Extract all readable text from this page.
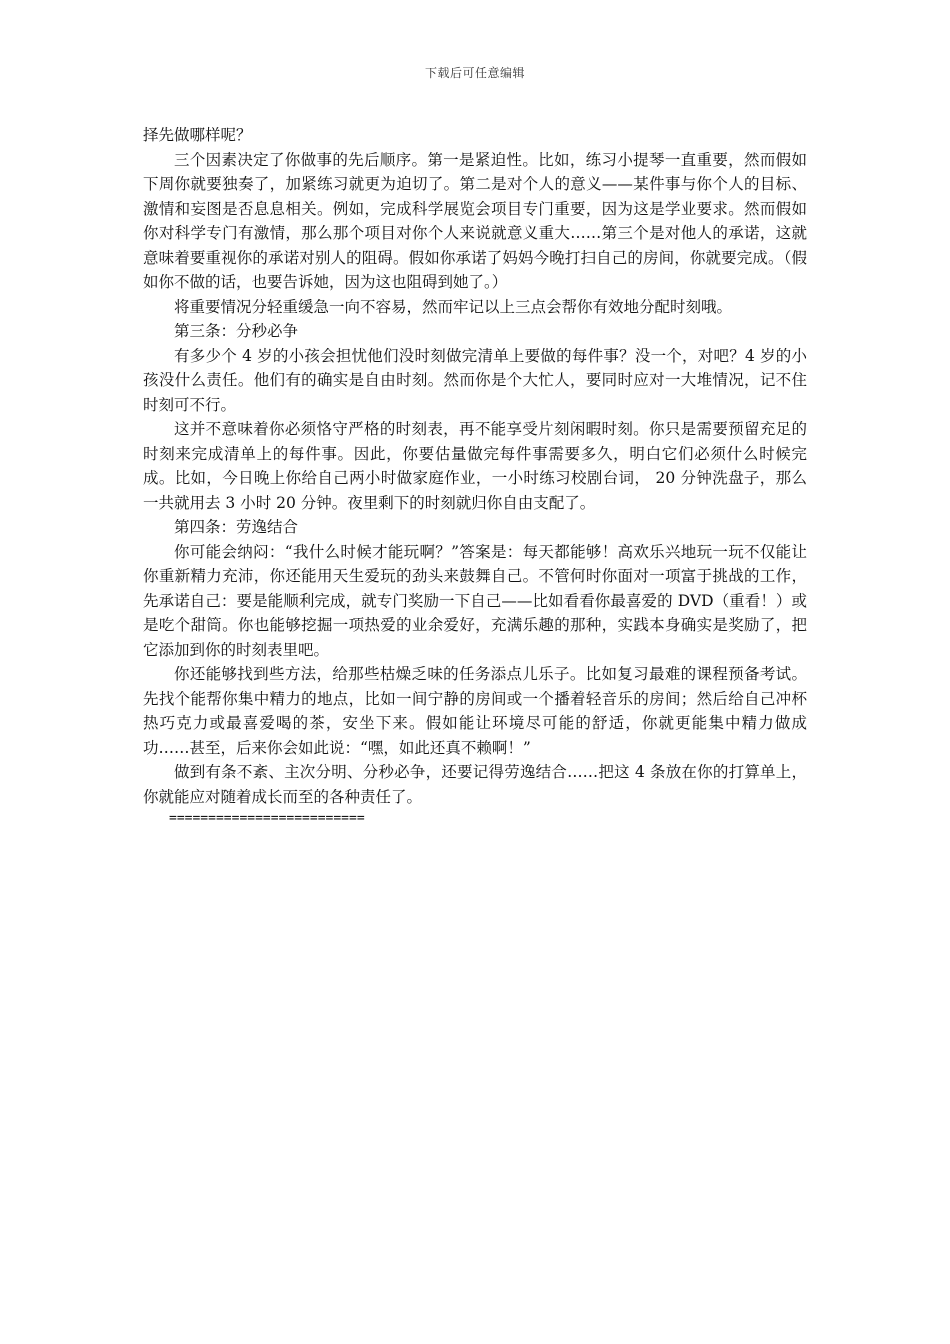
下载后可任意编辑

择先做哪样呢？

三个因素决定了你做事的先后顺序。第一是紧迫性。比如，练习小提琴一直重要，然而假如下周你就要独奏了，加紧练习就更为迫切了。第二是对个人的意义——某件事与你个人的目标、激情和妄图是否息息相关。例如，完成科学展览会项目专门重要，因为这是学业要求。然而假如你对科学专门有激情，那么那个项目对你个人来说就意义重大……第三个是对他人的承诺，这就意味着要重视你的承诺对别人的阻碍。假如你承诺了妈妈今晚打扫自己的房间，你就要完成。（假如你不做的话，也要告诉她，因为这也阻碍到她了。）

将重要情况分轻重缓急一向不容易，然而牢记以上三点会帮你有效地分配时刻哦。

第三条：分秒必争

有多少个 4 岁的小孩会担忧他们没时刻做完清单上要做的每件事？没一个，对吧？4 岁的小孩没什么责任。他们有的确实是自由时刻。然而你是个大忙人，要同时应对一大堆情况，记不住时刻可不行。

这并不意味着你必须恪守严格的时刻表，再不能享受片刻闲暇时刻。你只是需要预留充足的时刻来完成清单上的每件事。因此，你要估量做完每件事需要多久，明白它们必须什么时候完成。比如，今日晚上你给自己两小时做家庭作业，一小时练习校剧台词， 20 分钟洗盘子，那么一共就用去 3 小时 20 分钟。夜里剩下的时刻就归你自由支配了。

第四条：劳逸结合

你可能会纳闷：“我什么时候才能玩啊？”答案是：每天都能够！高欢乐兴地玩一玩不仅能让你重新精力充沛，你还能用天生爱玩的劲头来鼓舞自己。不管何时你面对一项富于挑战的工作，先承诺自己：要是能顺利完成，就专门奖励一下自己——比如看看你最喜爱的 DVD（重看！）或是吃个甜筒。你也能够挖掘一项热爱的业余爱好，充满乐趣的那种，实践本身确实是奖励了，把它添加到你的时刻表里吧。

你还能够找到些方法，给那些枯燥乏味的任务添点儿乐子。比如复习最难的课程预备考试。先找个能帮你集中精力的地点，比如一间宁静的房间或一个播着轻音乐的房间；然后给自己冲杯热巧克力或最喜爱喝的茶，安坐下来。假如能让环境尽可能的舒适，你就更能集中精力做成功……甚至，后来你会如此说：“嘿，如此还真不赖啊！”

做到有条不紊、主次分明、分秒必争，还要记得劳逸结合……把这 4 条放在你的打算单上，你就能应对随着成长而至的各种责任了。

=========================
